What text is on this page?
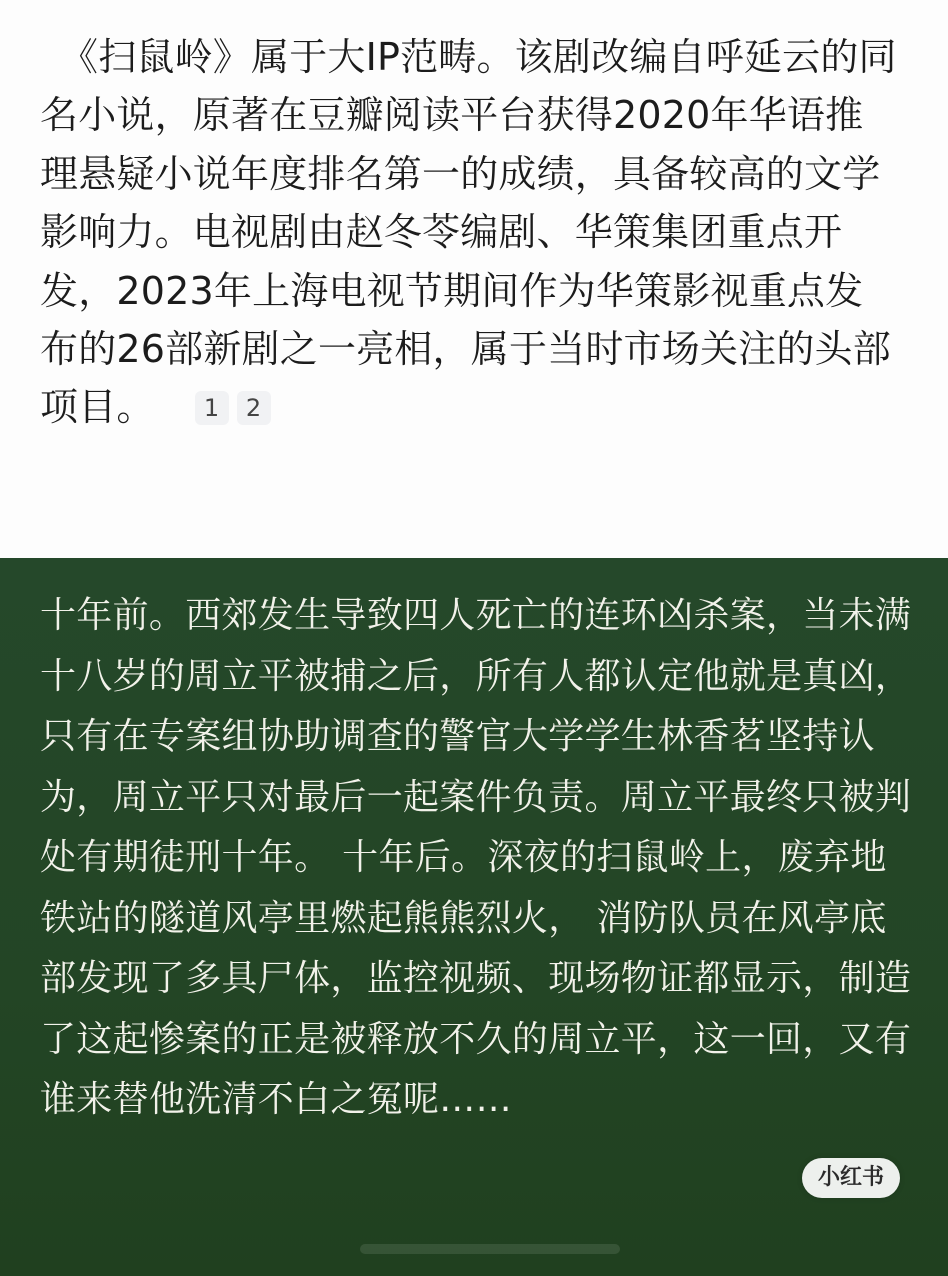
《扫鼠岭》属于大IP范畴。该剧改编自呼延云的同名小说，原著在豆瓣阅读平台获得2020年华语推理悬疑小说年度排名第一的成绩，具备较高的文学影响力。电视剧由赵冬苓编剧、华策集团重点开发，2023年上海电视节期间作为华策影视重点发布的26部新剧之一亮相，属于当时市场关注的头部项目。 1 2
十年前。西郊发生导致四人死亡的连环凶杀案，当未满十八岁的周立平被捕之后，所有人都认定他就是真凶，只有在专案组协助调查的警官大学学生林香茗坚持认为，周立平只对最后一起案件负责。周立平最终只被判处有期徒刑十年。 十年后。深夜的扫鼠岭上，废弃地铁站的隧道风亭里燃起熊熊烈火， 消防队员在风亭底部发现了多具尸体，监控视频、现场物证都显示，制造了这起惨案的正是被释放不久的周立平，这一回，又有谁来替他洗清不白之冤呢……
小红书
